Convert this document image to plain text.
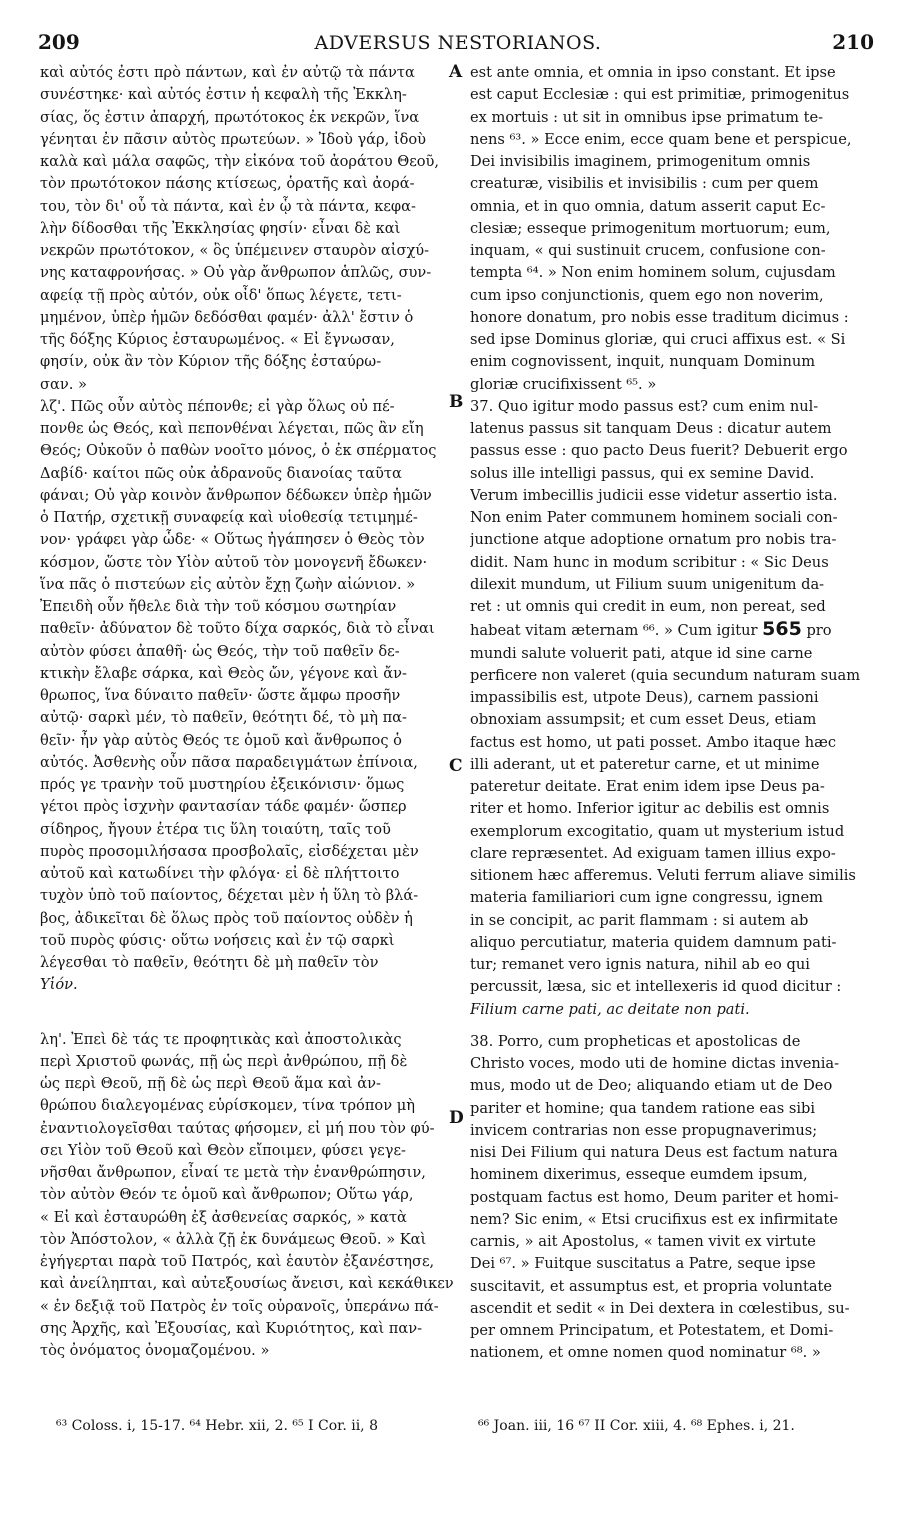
209	ADVERSUS NESTORIANOS.	210
καὶ αὐτός ἐστι πρὸ πάντων, καὶ ἐν αὐτῷ τὰ πάντα
συνέστηκε· καὶ αὐτός ἐστιν ἡ κεφαλὴ τῆς Ἐκκλη-
σίας, ὅς ἐστιν ἀπαρχή, πρωτότοκος ἐκ νεκρῶν, ἵνα
γένηται ἐν πᾶσιν αὐτὸς πρωτεύων. » Ἰδοὺ γάρ, ἰδοὺ
καλὰ καὶ μάλα σαφῶς, τὴν εἰκόνα τοῦ ἀοράτου Θεοῦ,
τὸν πρωτότοκον πάσης κτίσεως, ὁρατῆς καὶ ἀορά-
του, τὸν δι' οὗ τὰ πάντα, καὶ ἐν ᾧ τὰ πάντα, κεφα-
λὴν δίδοσθαι τῆς Ἐκκλησίας φησίν· εἶναι δὲ καὶ
νεκρῶν πρωτότοκον, « ὃς ὑπέμεινεν σταυρὸν αἰσχύ-
νης καταφρονήσας. » Οὐ γὰρ ἄνθρωπον ἁπλῶς, συν-
αφείᾳ τῇ πρὸς αὐτόν, οὐκ οἶδ' ὅπως λέγετε, τετι-
μημένον, ὑπὲρ ἡμῶν δεδόσθαι φαμέν· ἀλλ' ἔστιν ὁ
τῆς δόξης Κύριος ἐσταυρωμένος. « Εἰ ἔγνωσαν,
φησίν, οὐκ ἂν τὸν Κύριον τῆς δόξης ἐσταύρω-
σαν. »
λζ'. Πῶς οὖν αὐτὸς πέπονθε; εἰ γὰρ ὅλως οὐ πέ-
πονθε ὡς Θεός, καὶ πεπονθέναι λέγεται, πῶς ἂν εἴη
Θεός; Οὐκοῦν ὁ παθὼν νοοῖτο μόνος, ὁ ἐκ σπέρματος
Δαβίδ· καίτοι πῶς οὐκ ἀδρανοῦς διανοίας ταῦτα
φάναι; Οὐ γὰρ κοινὸν ἄνθρωπον δέδωκεν ὑπὲρ ἡμῶν
ὁ Πατήρ, σχετικῇ συναφείᾳ καὶ υἱοθεσίᾳ τετιμημέ-
νον· γράφει γὰρ ὧδε· « Οὕτως ἠγάπησεν ὁ Θεὸς τὸν
κόσμον, ὥστε τὸν Υἱὸν αὐτοῦ τὸν μονογενῆ ἔδωκεν·
ἵνα πᾶς ὁ πιστεύων εἰς αὐτὸν ἔχῃ ζωὴν αἰώνιον. »
Ἐπειδὴ οὖν ἤθελε διὰ τὴν τοῦ κόσμου σωτηρίαν
παθεῖν· ἀδύνατον δὲ τοῦτο δίχα σαρκός, διὰ τὸ εἶναι
αὐτὸν φύσει ἀπαθῆ· ὡς Θεός, τὴν τοῦ παθεῖν δε-
κτικὴν ἔλαβε σάρκα, καὶ Θεὸς ὤν, γέγονε καὶ ἄν-
θρωπος, ἵνα δύναιτο παθεῖν· ὥστε ἄμφω προσῆν
αὐτῷ· σαρκὶ μέν, τὸ παθεῖν, θεότητι δέ, τὸ μὴ πα-
θεῖν· ἦν γὰρ αὐτὸς Θεός τε ὁμοῦ καὶ ἄνθρωπος ὁ
αὐτός. Ἀσθενὴς οὖν πᾶσα παραδειγμάτων ἐπίνοια,
πρός γε τρανὴν τοῦ μυστηρίου ἐξεικόνισιν· ὅμως
γέτοι πρὸς ἰσχνὴν φαντασίαν τάδε φαμέν· ὥσπερ
σίδηρος, ἤγουν ἑτέρα τις ὕλη τοιαύτη, ταῖς τοῦ
πυρὸς προσομιλήσασα προσβολαῖς, εἰσδέχεται μὲν
αὐτοῦ καὶ κατωδίνει τὴν φλόγα· εἰ δὲ πλήττοιτο
τυχὸν ὑπὸ τοῦ παίοντος, δέχεται μὲν ἡ ὕλη τὸ βλά-
βος, ἀδικεῖται δὲ ὅλως πρὸς τοῦ παίοντος οὐδὲν ἡ
τοῦ πυρὸς φύσις· οὕτω νοήσεις καὶ ἐν τῷ σαρκὶ
λέγεσθαι τὸ παθεῖν, θεότητι δὲ μὴ παθεῖν τὸν
Υἱόν.
λη'. Ἐπεὶ δὲ τάς τε προφητικὰς καὶ ἀποστολικὰς
περὶ Χριστοῦ φωνάς, πῇ ὡς περὶ ἀνθρώπου, πῇ δὲ
ὡς περὶ Θεοῦ, πῇ δὲ ὡς περὶ Θεοῦ ἅμα καὶ ἀν-
θρώπου διαλεγομένας εὑρίσκομεν, τίνα τρόπον μὴ
ἐναντιολογεῖσθαι ταύτας φήσομεν, εἰ μή που τὸν φύ-
σει Υἱὸν τοῦ Θεοῦ καὶ Θεὸν εἴποιμεν, φύσει γεγε-
νῆσθαι ἄνθρωπον, εἶναί τε μετὰ τὴν ἐνανθρώπησιν,
τὸν αὐτὸν Θεόν τε ὁμοῦ καὶ ἄνθρωπον; Οὕτω γάρ,
« Εἰ καὶ ἐσταυρώθη ἐξ ἀσθενείας σαρκός, » κατὰ
τὸν Ἀπόστολον, « ἀλλὰ ζῇ ἐκ δυνάμεως Θεοῦ. » Καὶ
ἐγήγερται παρὰ τοῦ Πατρός, καὶ ἑαυτὸν ἐξανέστησε,
καὶ ἀνείληπται, καὶ αὐτεξουσίως ἄνεισι, καὶ κεκάθικεν
« ἐν δεξιᾷ τοῦ Πατρὸς ἐν τοῖς οὐρανοῖς, ὑπεράνω πά-
σης Ἀρχῆς, καὶ Ἐξουσίας, καὶ Κυριότητος, καὶ παν-
τὸς ὀνόματος ὀνομαζομένου. »
est ante omnia, et omnia in ipso constant. Et ipse
est caput Ecclesiæ : qui est primitiæ, primogenitus
ex mortuis : ut sit in omnibus ipse primatum te-
nens ⁶³. » Ecce enim, ecce quam bene et perspicue,
Dei invisibilis imaginem, primogenitum omnis
creaturæ, visibilis et invisibilis : cum per quem
omnia, et in quo omnia, datum asserit caput Ec-
clesiæ; esseque primogenitum mortuorum; eum,
inquam, « qui sustinuit crucem, confusione con-
tempta ⁶⁴. » Non enim hominem solum, cujusdam
cum ipso conjunctionis, quem ego non noverim,
honore donatum, pro nobis esse traditum dicimus :
sed ipse Dominus gloriæ, qui cruci affixus est. « Si
enim cognovissent, inquit, nunquam Dominum
gloriæ crucifixissent ⁶⁵. »
37. Quo igitur modo passus est? cum enim nul-
latenus passus sit tanquam Deus : dicatur autem
passus esse : quo pacto Deus fuerit? Debuerit ergo
solus ille intelligi passus, qui ex semine David.
Verum imbecillis judicii esse videtur assertio ista.
Non enim Pater communem hominem sociali con-
junctione atque adoptione ornatum pro nobis tra-
didit. Nam hunc in modum scribitur : « Sic Deus
dilexit mundum, ut Filium suum unigenitum da-
ret : ut omnis qui credit in eum, non pereat, sed
habeat vitam æternam ⁶⁶. » Cum igitur 565 pro
mundi salute voluerit pati, atque id sine carne
perficere non valeret (quia secundum naturam suam
impassibilis est, utpote Deus), carnem passioni
obnoxiam assumpsit; et cum esset Deus, etiam
factus est homo, ut pati posset. Ambo itaque hæc
illi aderant, ut et pateretur carne, et ut minime
pateretur deitate. Erat enim idem ipse Deus pa-
riter et homo. Inferior igitur ac debilis est omnis
exemplorum excogitatio, quam ut mysterium istud
clare repræsentet. Ad exiguam tamen illius expo-
sitionem hæc afferemus. Veluti ferrum aliave similis
materia familiariori cum igne congressu, ignem
in se concipit, ac parit flammam : si autem ab
aliquo percutiatur, materia quidem damnum pati-
tur; remanet vero ignis natura, nihil ab eo qui
percussit, læsa, sic et intellexeris id quod dicitur :
Filium carne pati, ac deitate non pati.
38. Porro, cum propheticas et apostolicas de
Christo voces, modo uti de homine dictas invenia-
mus, modo ut de Deo; aliquando etiam ut de Deo
pariter et homine; qua tandem ratione eas sibi
invicem contrarias non esse propugnaverimus;
nisi Dei Filium qui natura Deus est factum natura
hominem dixerimus, esseque eumdem ipsum,
postquam factus est homo, Deum pariter et homi-
nem? Sic enim, « Etsi crucifixus est ex infirmitate
carnis, » ait Apostolus, « tamen vivit ex virtute
Dei ⁶⁷. » Fuitque suscitatus a Patre, seque ipse
suscitavit, et assumptus est, et propria voluntate
ascendit et sedit « in Dei dextera in cœlestibus, su-
per omnem Principatum, et Potestatem, et Domi-
nationem, et omne nomen quod nominatur ⁶⁸. »
A
B
C
D
⁶³ Coloss. i, 15-17. ⁶⁴ Hebr. xii, 2. ⁶⁵ I Cor. ii, 8	⁶⁶ Joan. iii, 16 ⁶⁷ II Cor. xiii, 4. ⁶⁸ Ephes. i, 21.
